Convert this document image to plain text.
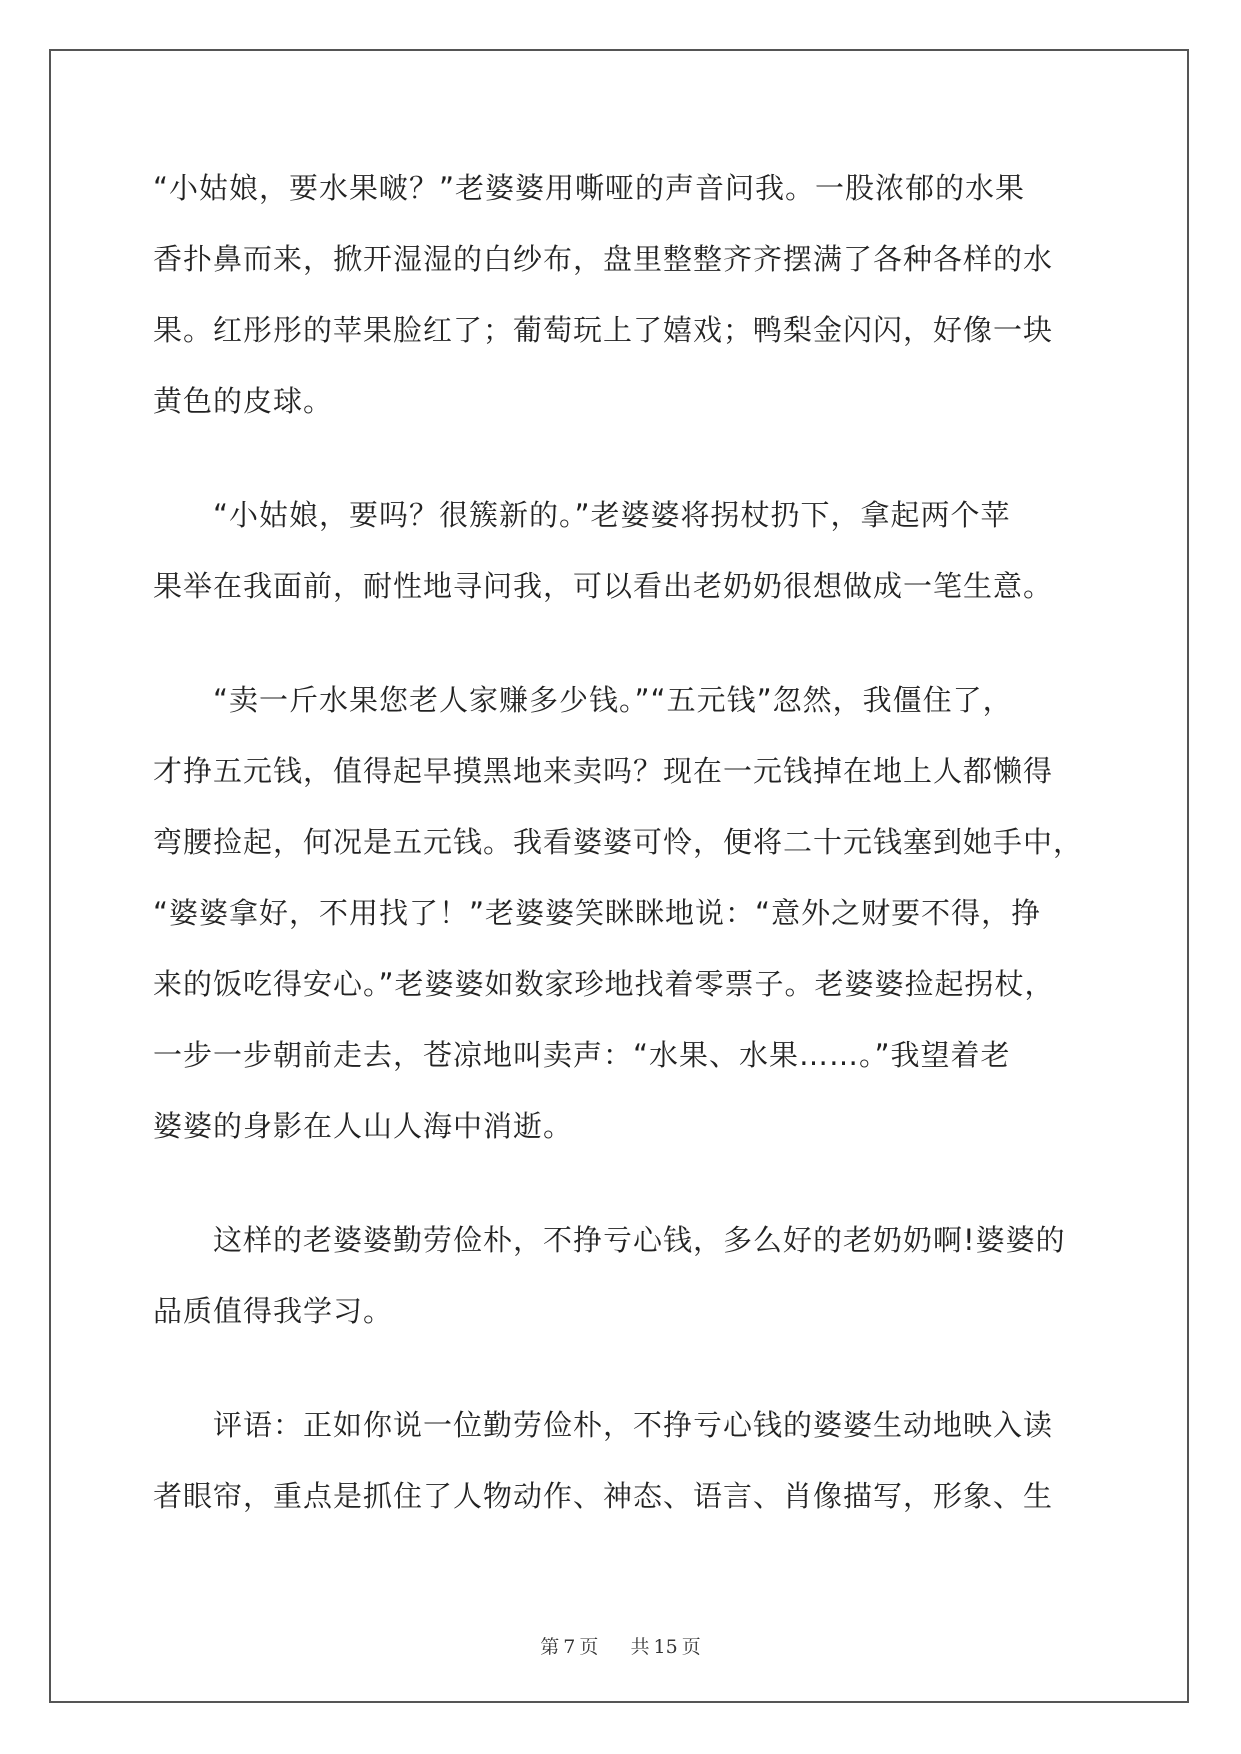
“小姑娘，要水果啵？”老婆婆用嘶哑的声音问我。一股浓郁的水果
香扑鼻而来，掀开湿湿的白纱布，盘里整整齐齐摆满了各种各样的水
果。红彤彤的苹果脸红了；葡萄玩上了嬉戏；鸭梨金闪闪，好像一块
黄色的皮球。

“小姑娘，要吗？很簇新的。”老婆婆将拐杖扔下，拿起两个苹
果举在我面前，耐性地寻问我，可以看出老奶奶很想做成一笔生意。

“卖一斤水果您老人家赚多少钱。”“五元钱”忽然，我僵住了，
才挣五元钱，值得起早摸黑地来卖吗？现在一元钱掉在地上人都懒得
弯腰捡起，何况是五元钱。我看婆婆可怜，便将二十元钱塞到她手中，
“婆婆拿好，不用找了！”老婆婆笑眯眯地说：“意外之财要不得，挣
来的饭吃得安心。”老婆婆如数家珍地找着零票子。老婆婆捡起拐杖，
一步一步朝前走去，苍凉地叫卖声：“水果、水果……。”我望着老
婆婆的身影在人山人海中消逝。

这样的老婆婆勤劳俭朴，不挣亏心钱，多么好的老奶奶啊!婆婆的
品质值得我学习。

评语：正如你说一位勤劳俭朴，不挣亏心钱的婆婆生动地映入读
者眼帘，重点是抓住了人物动作、神态、语言、肖像描写，形象、生

第 7 页 共 15 页
